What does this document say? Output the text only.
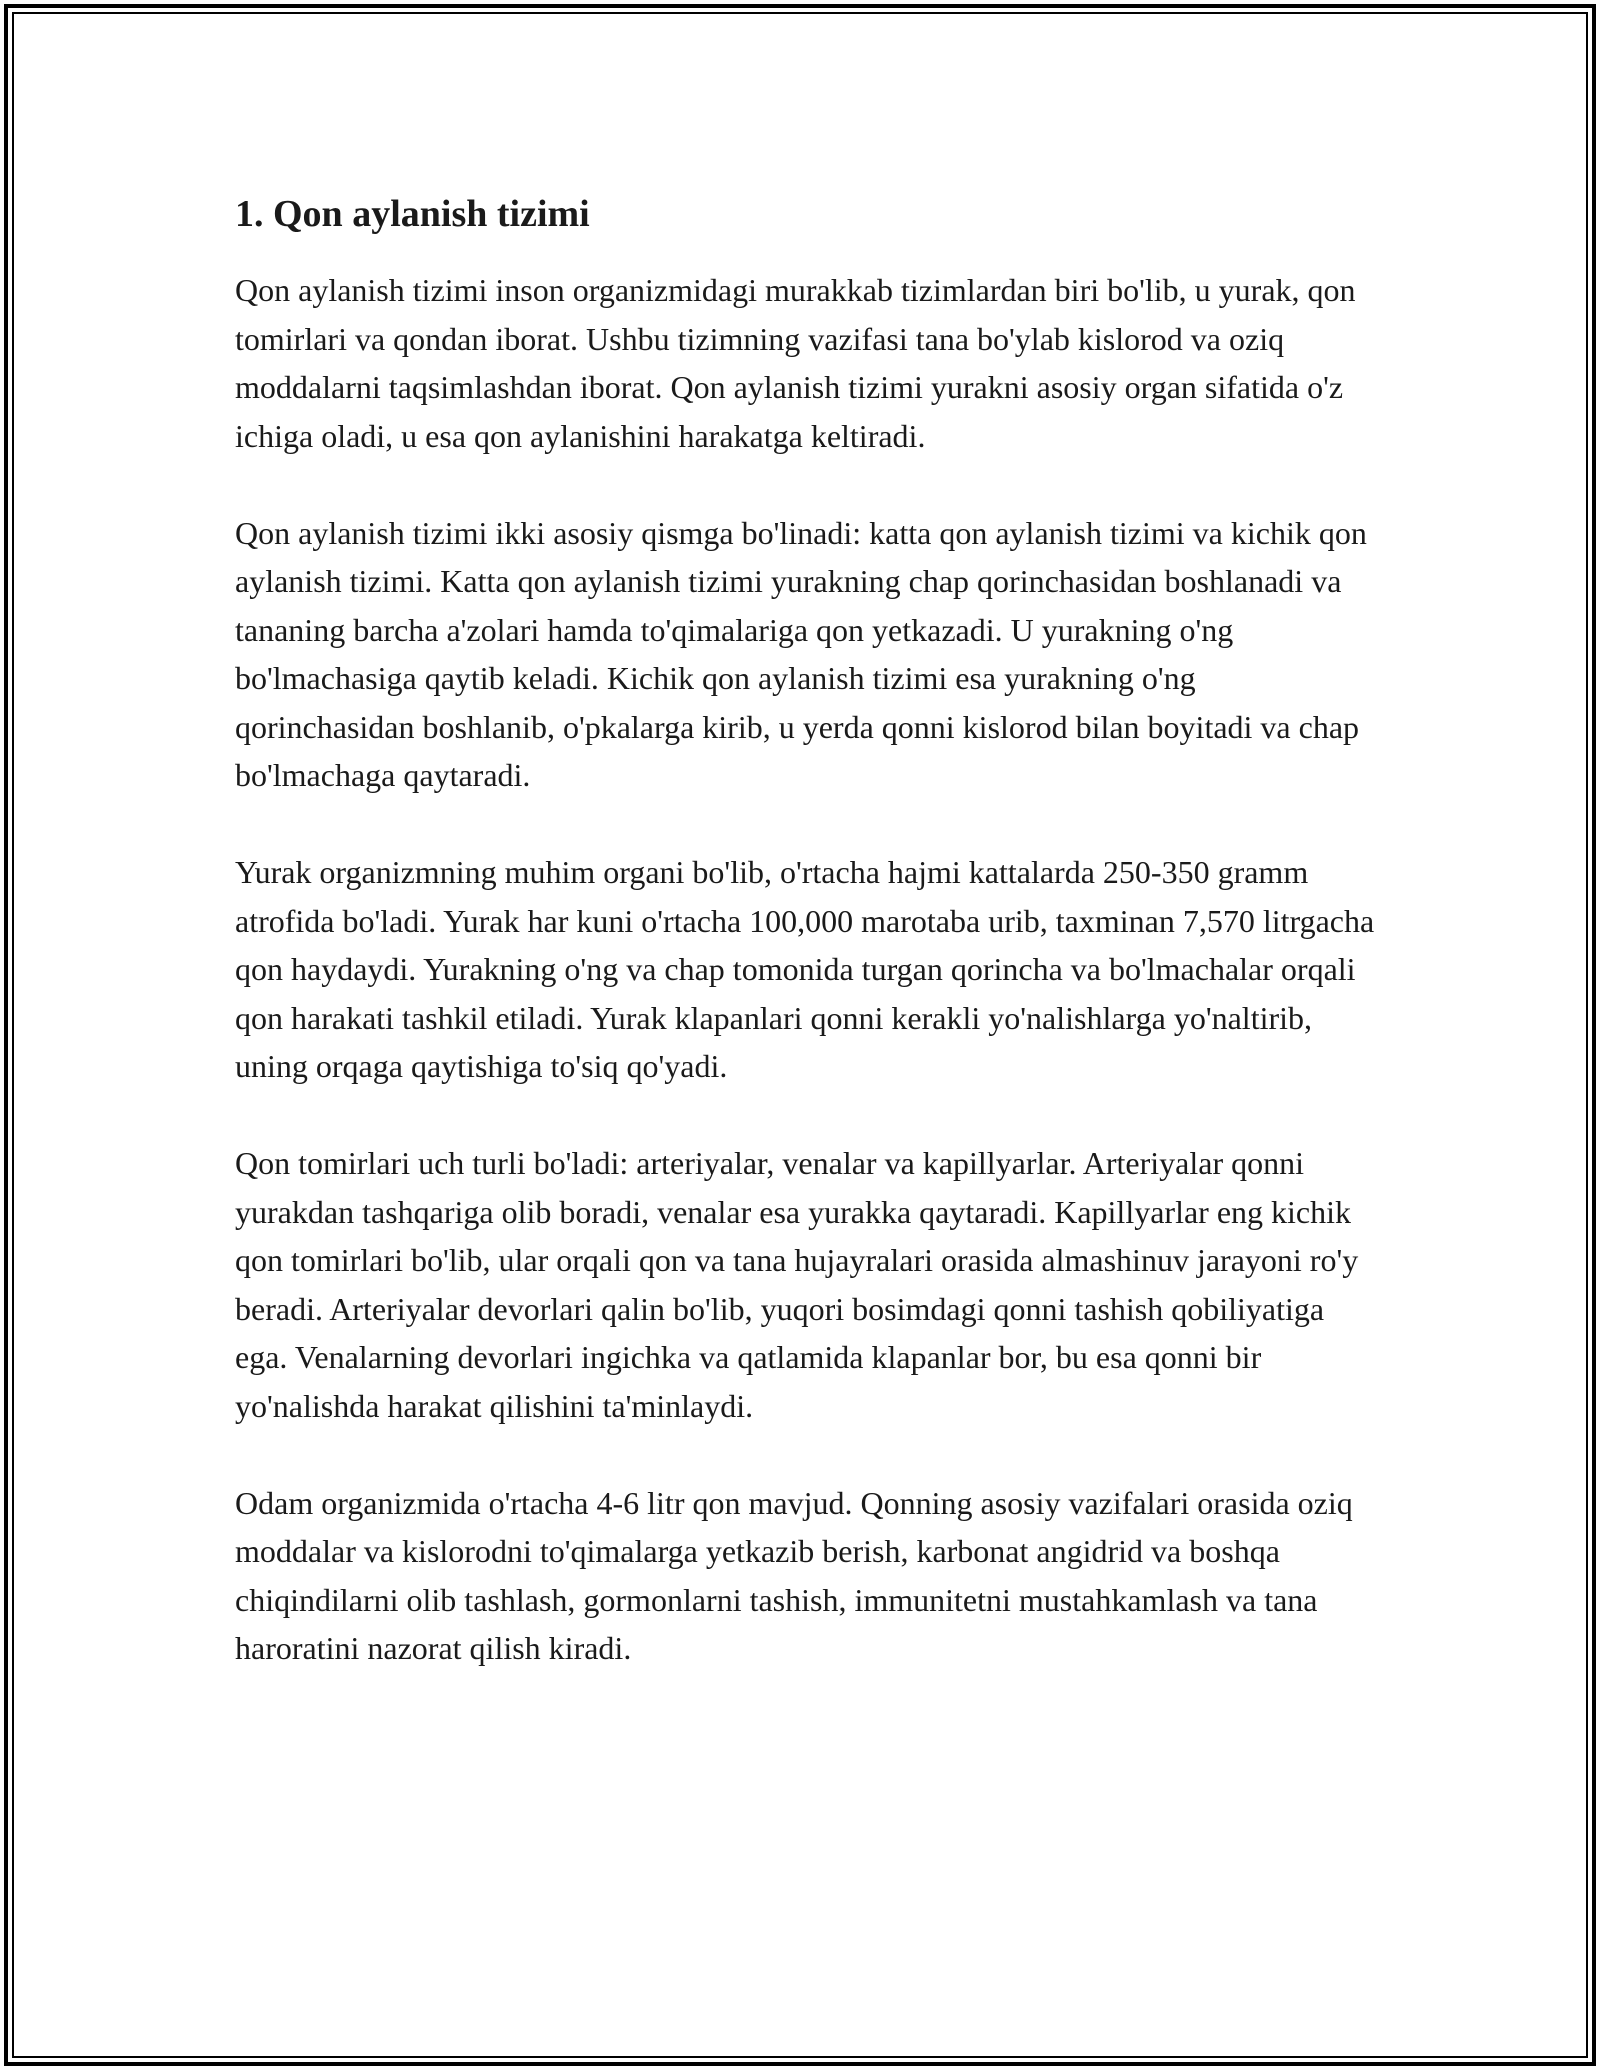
1. Qon aylanish tizimi

Qon aylanish tizimi inson organizmidagi murakkab tizimlardan biri bo'lib, u yurak, qon tomirlari va qondan iborat. Ushbu tizimning vazifasi tana bo'ylab kislorod va oziq moddalarni taqsimlashdan iborat. Qon aylanish tizimi yurakni asosiy organ sifatida o'z ichiga oladi, u esa qon aylanishini harakatga keltiradi.

Qon aylanish tizimi ikki asosiy qismga bo'linadi: katta qon aylanish tizimi va kichik qon aylanish tizimi. Katta qon aylanish tizimi yurakning chap qorinchasidan boshlanadi va tananing barcha a'zolari hamda to'qimalariga qon yetkazadi. U yurakning o'ng bo'lmachasiga qaytib keladi. Kichik qon aylanish tizimi esa yurakning o'ng qorinchasidan boshlanib, o'pkalarga kirib, u yerda qonni kislorod bilan boyitadi va chap bo'lmachaga qaytaradi.

Yurak organizmning muhim organi bo'lib, o'rtacha hajmi kattalarda 250-350 gramm atrofida bo'ladi. Yurak har kuni o'rtacha 100,000 marotaba urib, taxminan 7,570 litrgacha qon haydaydi. Yurakning o'ng va chap tomonida turgan qorincha va bo'lmachalar orqali qon harakati tashkil etiladi. Yurak klapanlari qonni kerakli yo'nalishlarga yo'naltirib, uning orqaga qaytishiga to'siq qo'yadi.

Qon tomirlari uch turli bo'ladi: arteriyalar, venalar va kapillyarlar. Arteriyalar qonni yurakdan tashqariga olib boradi, venalar esa yurakka qaytaradi. Kapillyarlar eng kichik qon tomirlari bo'lib, ular orqali qon va tana hujayralari orasida almashinuv jarayoni ro'y beradi. Arteriyalar devorlari qalin bo'lib, yuqori bosimdagi qonni tashish qobiliyatiga ega. Venalarning devorlari ingichka va qatlamida klapanlar bor, bu esa qonni bir yo'nalishda harakat qilishini ta'minlaydi.

Odam organizmida o'rtacha 4-6 litr qon mavjud. Qonning asosiy vazifalari orasida oziq moddalar va kislorodni to'qimalarga yetkazib berish, karbonat angidrid va boshqa chiqindilarni olib tashlash, gormonlarni tashish, immunitetni mustahkamlash va tana haroratini nazorat qilish kiradi.
